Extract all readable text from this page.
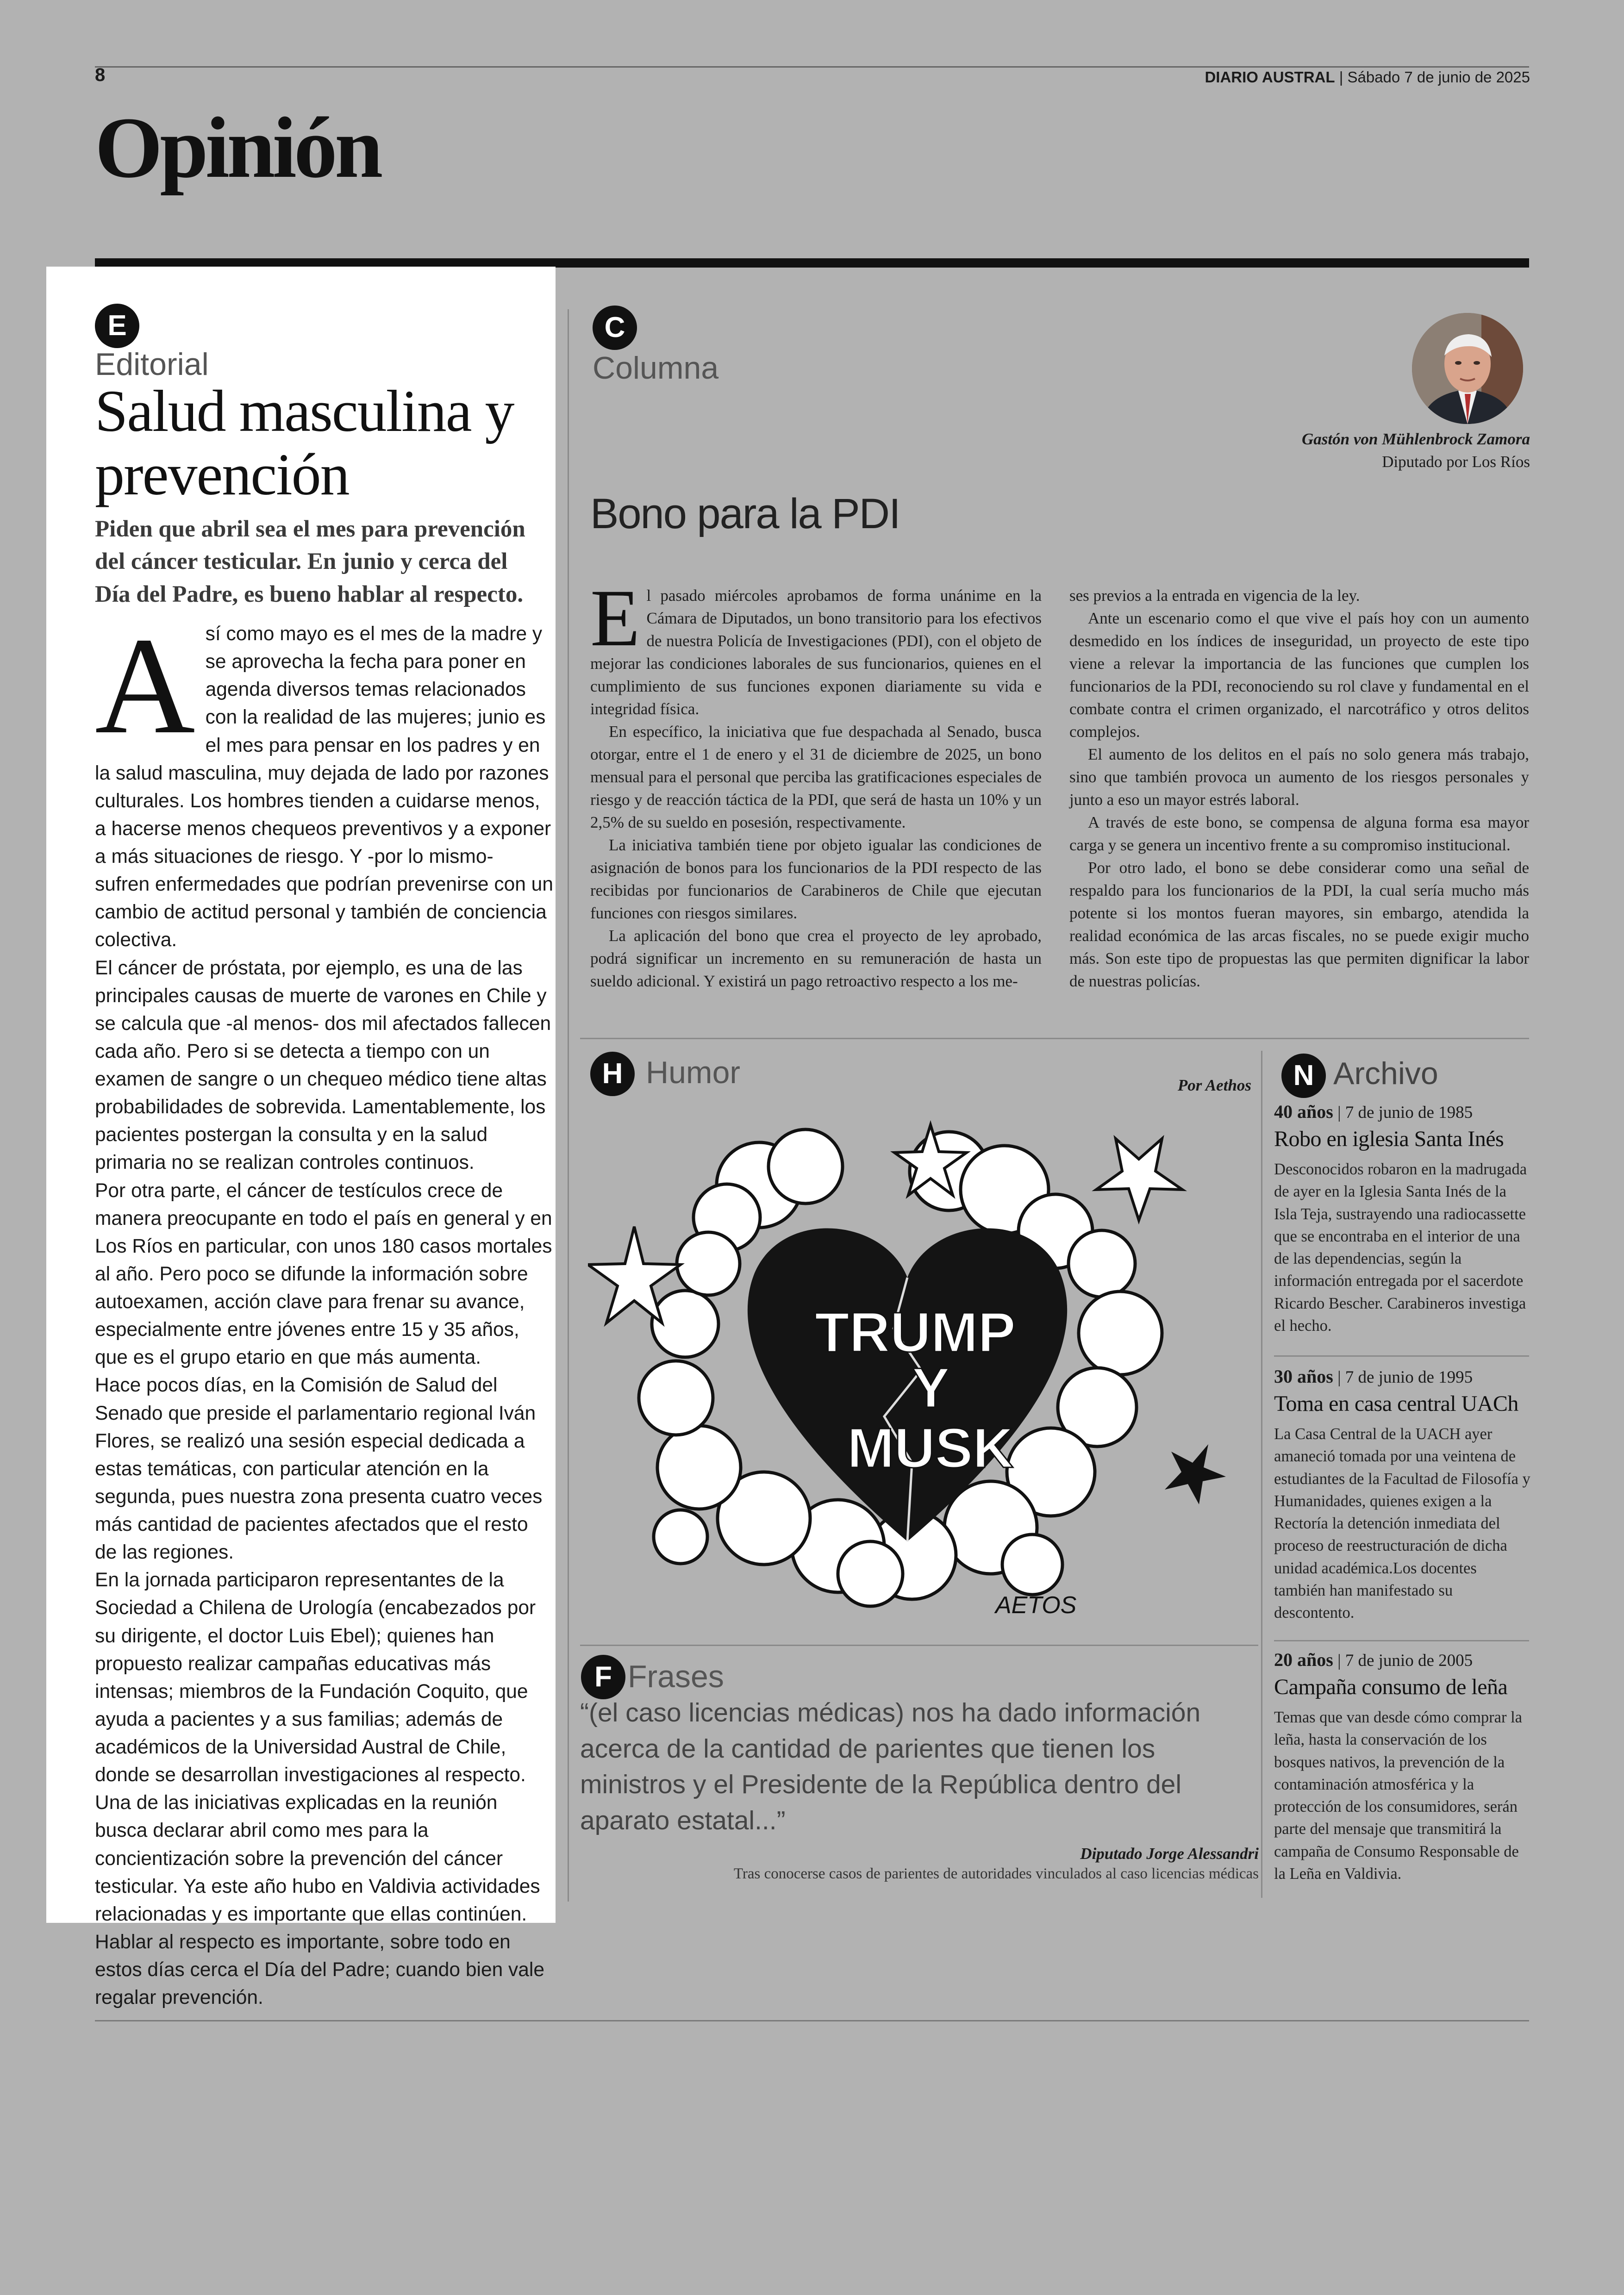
8	DIARIO AUSTRAL | Sábado 7 de junio de 2025
Opinión
E
Editorial
Salud masculina y prevención
Piden que abril sea el mes para prevención del cáncer testicular. En junio y cerca del Día del Padre, es bueno hablar al respecto.

Así como mayo es el mes de la madre y se aprovecha la fecha para poner en agenda diversos temas relacionados con la realidad de las mujeres; junio es el mes para pensar en los padres y en la salud masculina, muy dejada de lado por razones culturales. Los hombres tienden a cuidarse menos, a hacerse menos chequeos preventivos y a exponer a más situaciones de riesgo. Y -por lo mismo- sufren enfermedades que podrían prevenirse con un cambio de actitud personal y también de conciencia colectiva.

El cáncer de próstata, por ejemplo, es una de las principales causas de muerte de varones en Chile y se calcula que -al menos- dos mil afectados fallecen cada año. Pero si se detecta a tiempo con un examen de sangre o un chequeo médico tiene altas probabilidades de sobrevida. Lamentablemente, los pacientes postergan la consulta y en la salud primaria no se realizan controles continuos.

Por otra parte, el cáncer de testículos crece de manera preocupante en todo el país en general y en Los Ríos en particular, con unos 180 casos mortales al año. Pero poco se difunde la información sobre autoexamen, acción clave para frenar su avance, especialmente entre jóvenes entre 15 y 35 años, que es el grupo etario en que más aumenta.

Hace pocos días, en la Comisión de Salud del Senado que preside el parlamentario regional Iván Flores, se realizó una sesión especial dedicada a estas temáticas, con particular atención en la segunda, pues nuestra zona presenta cuatro veces más cantidad de pacientes afectados que el resto de las regiones.

En la jornada participaron representantes de la Sociedad a Chilena de Urología (encabezados por su dirigente, el doctor Luis Ebel); quienes han propuesto realizar campañas educativas más intensas; miembros de la Fundación Coquito, que ayuda a pacientes y a sus familias; además de académicos de la Universidad Austral de Chile, donde se desarrollan investigaciones al respecto.

Una de las iniciativas explicadas en la reunión busca declarar abril como mes para la concientización sobre la prevención del cáncer testicular. Ya este año hubo en Valdivia actividades relacionadas y es importante que ellas continúen. Hablar al respecto es importante, sobre todo en estos días cerca el Día del Padre; cuando bien vale regalar prevención.

C
Columna
Gastón von Mühlenbrock Zamora
Diputado por Los Ríos
Bono para la PDI

El pasado miércoles aprobamos de forma unánime en la Cámara de Diputados, un bono transitorio para los efectivos de nuestra Policía de Investigaciones (PDI), con el objeto de mejorar las condiciones laborales de sus funcionarios, quienes en el cumplimiento de sus funciones exponen diariamente su vida e integridad física.

En específico, la iniciativa que fue despachada al Senado, busca otorgar, entre el 1 de enero y el 31 de diciembre de 2025, un bono mensual para el personal que perciba las gratificaciones especiales de riesgo y de reacción táctica de la PDI, que será de hasta un 10% y un 2,5% de su sueldo en posesión, respectivamente.

La iniciativa también tiene por objeto igualar las condiciones de asignación de bonos para los funcionarios de la PDI respecto de las recibidas por funcionarios de Carabineros de Chile que ejecutan funciones con riesgos similares.

La aplicación del bono que crea el proyecto de ley aprobado, podrá significar un incremento en su remuneración de hasta un sueldo adicional. Y existirá un pago retroactivo respecto a los me-

ses previos a la entrada en vigencia de la ley.

Ante un escenario como el que vive el país hoy con un aumento desmedido en los índices de inseguridad, un proyecto de este tipo viene a relevar la importancia de las funciones que cumplen los funcionarios de la PDI, reconociendo su rol clave y fundamental en el combate contra el crimen organizado, el narcotráfico y otros delitos complejos.

El aumento de los delitos en el país no solo genera más trabajo, sino que también provoca un aumento de los riesgos personales y junto a eso un mayor estrés laboral.

A través de este bono, se compensa de alguna forma esa mayor carga y se genera un incentivo frente a su compromiso institucional.

Por otro lado, el bono se debe considerar como una señal de respaldo para los funcionarios de la PDI, la cual sería mucho más potente si los montos fueran mayores, sin embargo, atendida la realidad económica de las arcas fiscales, no se puede exigir mucho más. Son este tipo de propuestas las que permiten dignificar la labor de nuestras policías.

H Humor	Por Aethos
TRUMP
Y
MUSK
AETOS
F Frases
“(el caso licencias médicas) nos ha dado información acerca de la cantidad de parientes que tienen los ministros y el Presidente de la República dentro del aparato estatal...”
Diputado Jorge Alessandri
Tras conocerse casos de parientes de autoridades vinculados al caso licencias médicas
N Archivo
40 años | 7 de junio de 1985
Robo en iglesia Santa Inés
Desconocidos robaron en la madrugada de ayer en la Iglesia Santa Inés de la Isla Teja, sustrayendo una radiocassette que se encontraba en el interior de una de las dependencias, según la información entregada por el sacerdote Ricardo Bescher. Carabineros investiga el hecho.
30 años | 7 de junio de 1995
Toma en casa central UACh
La Casa Central de la UACH ayer amaneció tomada por una veintena de estudiantes de la Facultad de Filosofía y Humanidades, quienes exigen a la Rectoría la detención inmediata del proceso de reestructuración de dicha unidad académica.Los docentes también han manifestado su descontento.
20 años | 7 de junio de 2005
Campaña consumo de leña
Temas que van desde cómo comprar la leña, hasta la conservación de los bosques nativos, la prevención de la contaminación atmosférica y la protección de los consumidores, serán parte del mensaje que transmitirá la campaña de Consumo Responsable de la Leña en Valdivia.
